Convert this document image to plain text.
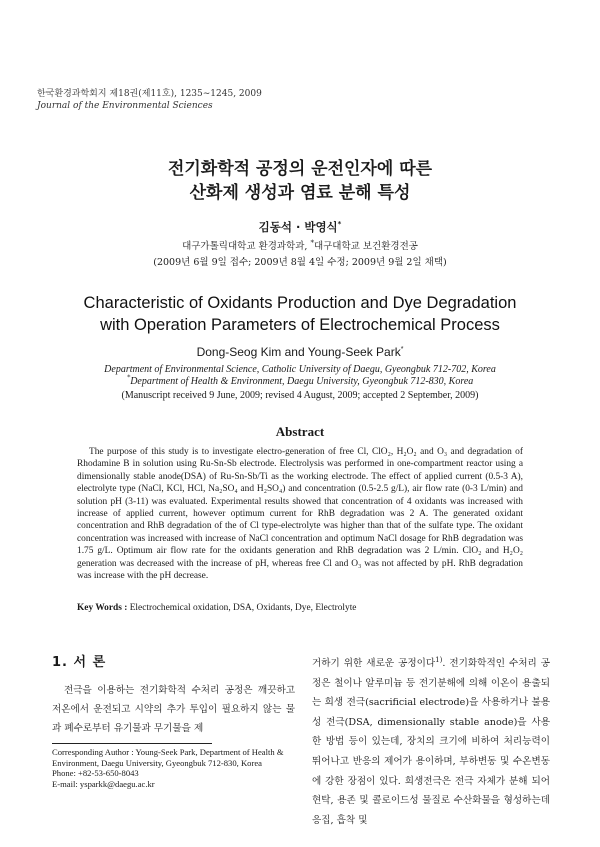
한국환경과학회지 제18권(제11호), 1235∼1245, 2009
Journal of the Environmental Sciences
전기화학적 공정의 운전인자에 따른
산화제 생성과 염료 분해 특성
김동석 · 박영식*
대구가톨릭대학교 환경과학과, *대구대학교 보건환경전공
(2009년 6월 9일 접수; 2009년 8월 4일 수정; 2009년 9월 2일 채택)
Characteristic of Oxidants Production and Dye Degradation
with Operation Parameters of Electrochemical Process
Dong-Seog Kim and Young-Seek Park*
Department of Environmental Science, Catholic University of Daegu, Gyeongbuk 712-702, Korea
*Department of Health & Environment, Daegu University, Gyeongbuk 712-830, Korea
(Manuscript received 9 June, 2009; revised 4 August, 2009; accepted 2 September, 2009)
Abstract
The purpose of this study is to investigate electro-generation of free Cl, ClO₂, H₂O₂ and O₃ and degradation of Rhodamine B in solution using Ru-Sn-Sb electrode. Electrolysis was performed in one-compartment reactor using a dimensionally stable anode(DSA) of Ru-Sn-Sb/Ti as the working electrode. The effect of applied current (0.5-3 A), electrolyte type (NaCl, KCl, HCl, Na₂SO₄ and H₂SO₄) and concentration (0.5-2.5 g/L), air flow rate (0-3 L/min) and solution pH (3-11) was evaluated. Experimental results showed that concentration of 4 oxidants was increased with increase of applied current, however optimum current for RhB degradation was 2 A. The generated oxidant concentration and RhB degradation of the of Cl type-electrolyte was higher than that of the sulfate type. The oxidant concentration was increased with increase of NaCl concentration and optimum NaCl dosage for RhB degradation was 1.75 g/L. Optimum air flow rate for the oxidants generation and RhB degradation was 2 L/min. ClO₂ and H₂O₂ generation was decreased with the increase of pH, whereas free Cl and O₃ was not affected by pH. RhB degradation was increase with the pH decrease.
Key Words : Electrochemical oxidation, DSA, Oxidants, Dye, Electrolyte
1. 서 론
전극을 이용하는 전기화학적 수처리 공정은 깨끗하고 저온에서 운전되고 시약의 추가 투입이 필요하지 않는 물과 폐수로부터 유기물과 무기물을 제
Corresponding Author : Young-Seek Park, Department of Health & Environment, Daegu University, Gyeongbuk 712-830, Korea
Phone: +82-53-650-8043
E-mail: ysparkk@daegu.ac.kr
거하기 위한 새로운 공정이다$^{1)}$. 전기화학적인 수처리 공정은 철이나 알루미늄 등 전기분해에 의해 이온이 용출되는 희생 전극(sacrificial electrode)을 사용하거나 불용성 전극(DSA, dimensionally stable anode)을 사용한 방법 등이 있는데, 장치의 크기에 비하여 처리능력이 뛰어나고 반응의 제어가 용이하며, 부하변동 및 수온변동에 강한 장점이 있다. 희생전극은 전극 자체가 분해 되어 현탁, 용존 및 콜로이드성 물질로 수산화물을 형성하는데 응집, 흡착 및
